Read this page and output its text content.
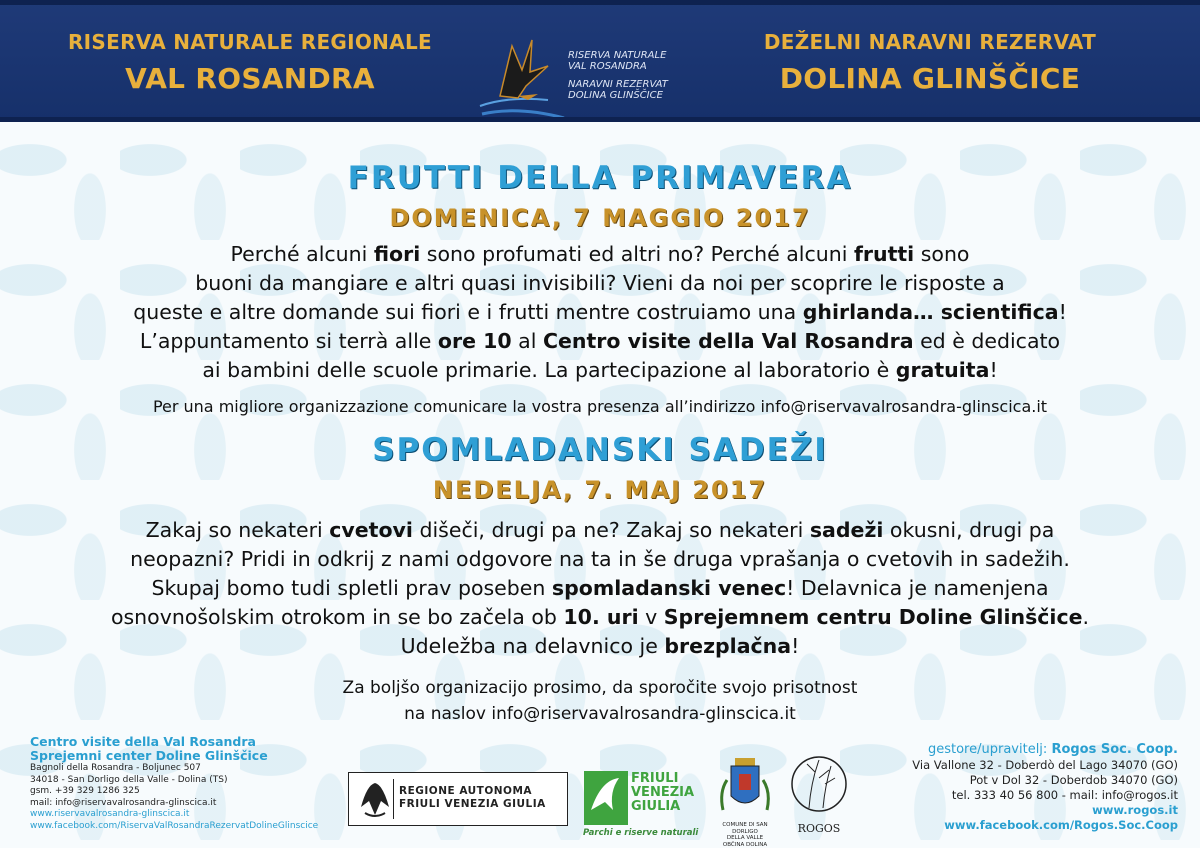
RISERVA NATURALE REGIONALE
VAL ROSANDRA
RISERVA NATURALE
VAL ROSANDRA
NARAVNI REZERVAT
DOLINA GLINŠČICE
DEŽELNI NARAVNI REZERVAT
DOLINA GLINŠČICE
FRUTTI DELLA PRIMAVERA
DOMENICA, 7 MAGGIO 2017
Perché alcuni fiori sono profumati ed altri no? Perché alcuni frutti sono
buoni da mangiare e altri quasi invisibili? Vieni da noi per scoprire le risposte a
queste e altre domande sui fiori e i frutti mentre costruiamo una ghirlanda… scientifica!
L’appuntamento si terrà alle ore 10 al Centro visite della Val Rosandra ed è dedicato
ai bambini delle scuole primarie. La partecipazione al laboratorio è gratuita!
Per una migliore organizzazione comunicare la vostra presenza all’indirizzo info@riservavalrosandra-glinscica.it
SPOMLADANSKI SADEŽI
NEDELJA, 7. MAJ 2017
Zakaj so nekateri cvetovi dišeči, drugi pa ne? Zakaj so nekateri sadeži okusni, drugi pa
neopazni? Pridi in odkrij z nami odgovore na ta in še druga vprašanja o cvetovih in sadežih.
Skupaj bomo tudi spletli prav poseben spomladanski venec! Delavnica je namenjena
osnovnošolskim otrokom in se bo začela ob 10. uri v Sprejemnem centru Doline Glinščice.
Udeležba na delavnico je brezplačna!
Za boljšo organizacijo prosimo, da sporočite svojo prisotnost
na naslov info@riservavalrosandra-glinscica.it
Centro visite della Val Rosandra
Sprejemni center Doline Glinščice
Bagnoli della Rosandra - Boljunec 507
34018 - San Dorligo della Valle - Dolina (TS)
gsm. +39 329 1286 325
mail: info@riservavalrosandra-glinscica.it
www.riservavalrosandra-glinscica.it
www.facebook.com/RiservaValRosandraRezervatDolineGlinscice
REGIONE AUTONOMA
FRIULI VENEZIA GIULIA
FRIULI
VENEZIA
GIULIA
Parchi e riserve naturali
COMUNE DI SAN DORLIGO
DELLA VALLE
OBČINA DOLINA
ROGOS
gestore/upravitelj: Rogos Soc. Coop.
Via Vallone 32 - Doberdò del Lago 34070 (GO)
Pot v Dol 32 - Doberdob 34070 (GO)
tel. 333 40 56 800 - mail: info@rogos.it
www.rogos.it
www.facebook.com/Rogos.Soc.Coop
